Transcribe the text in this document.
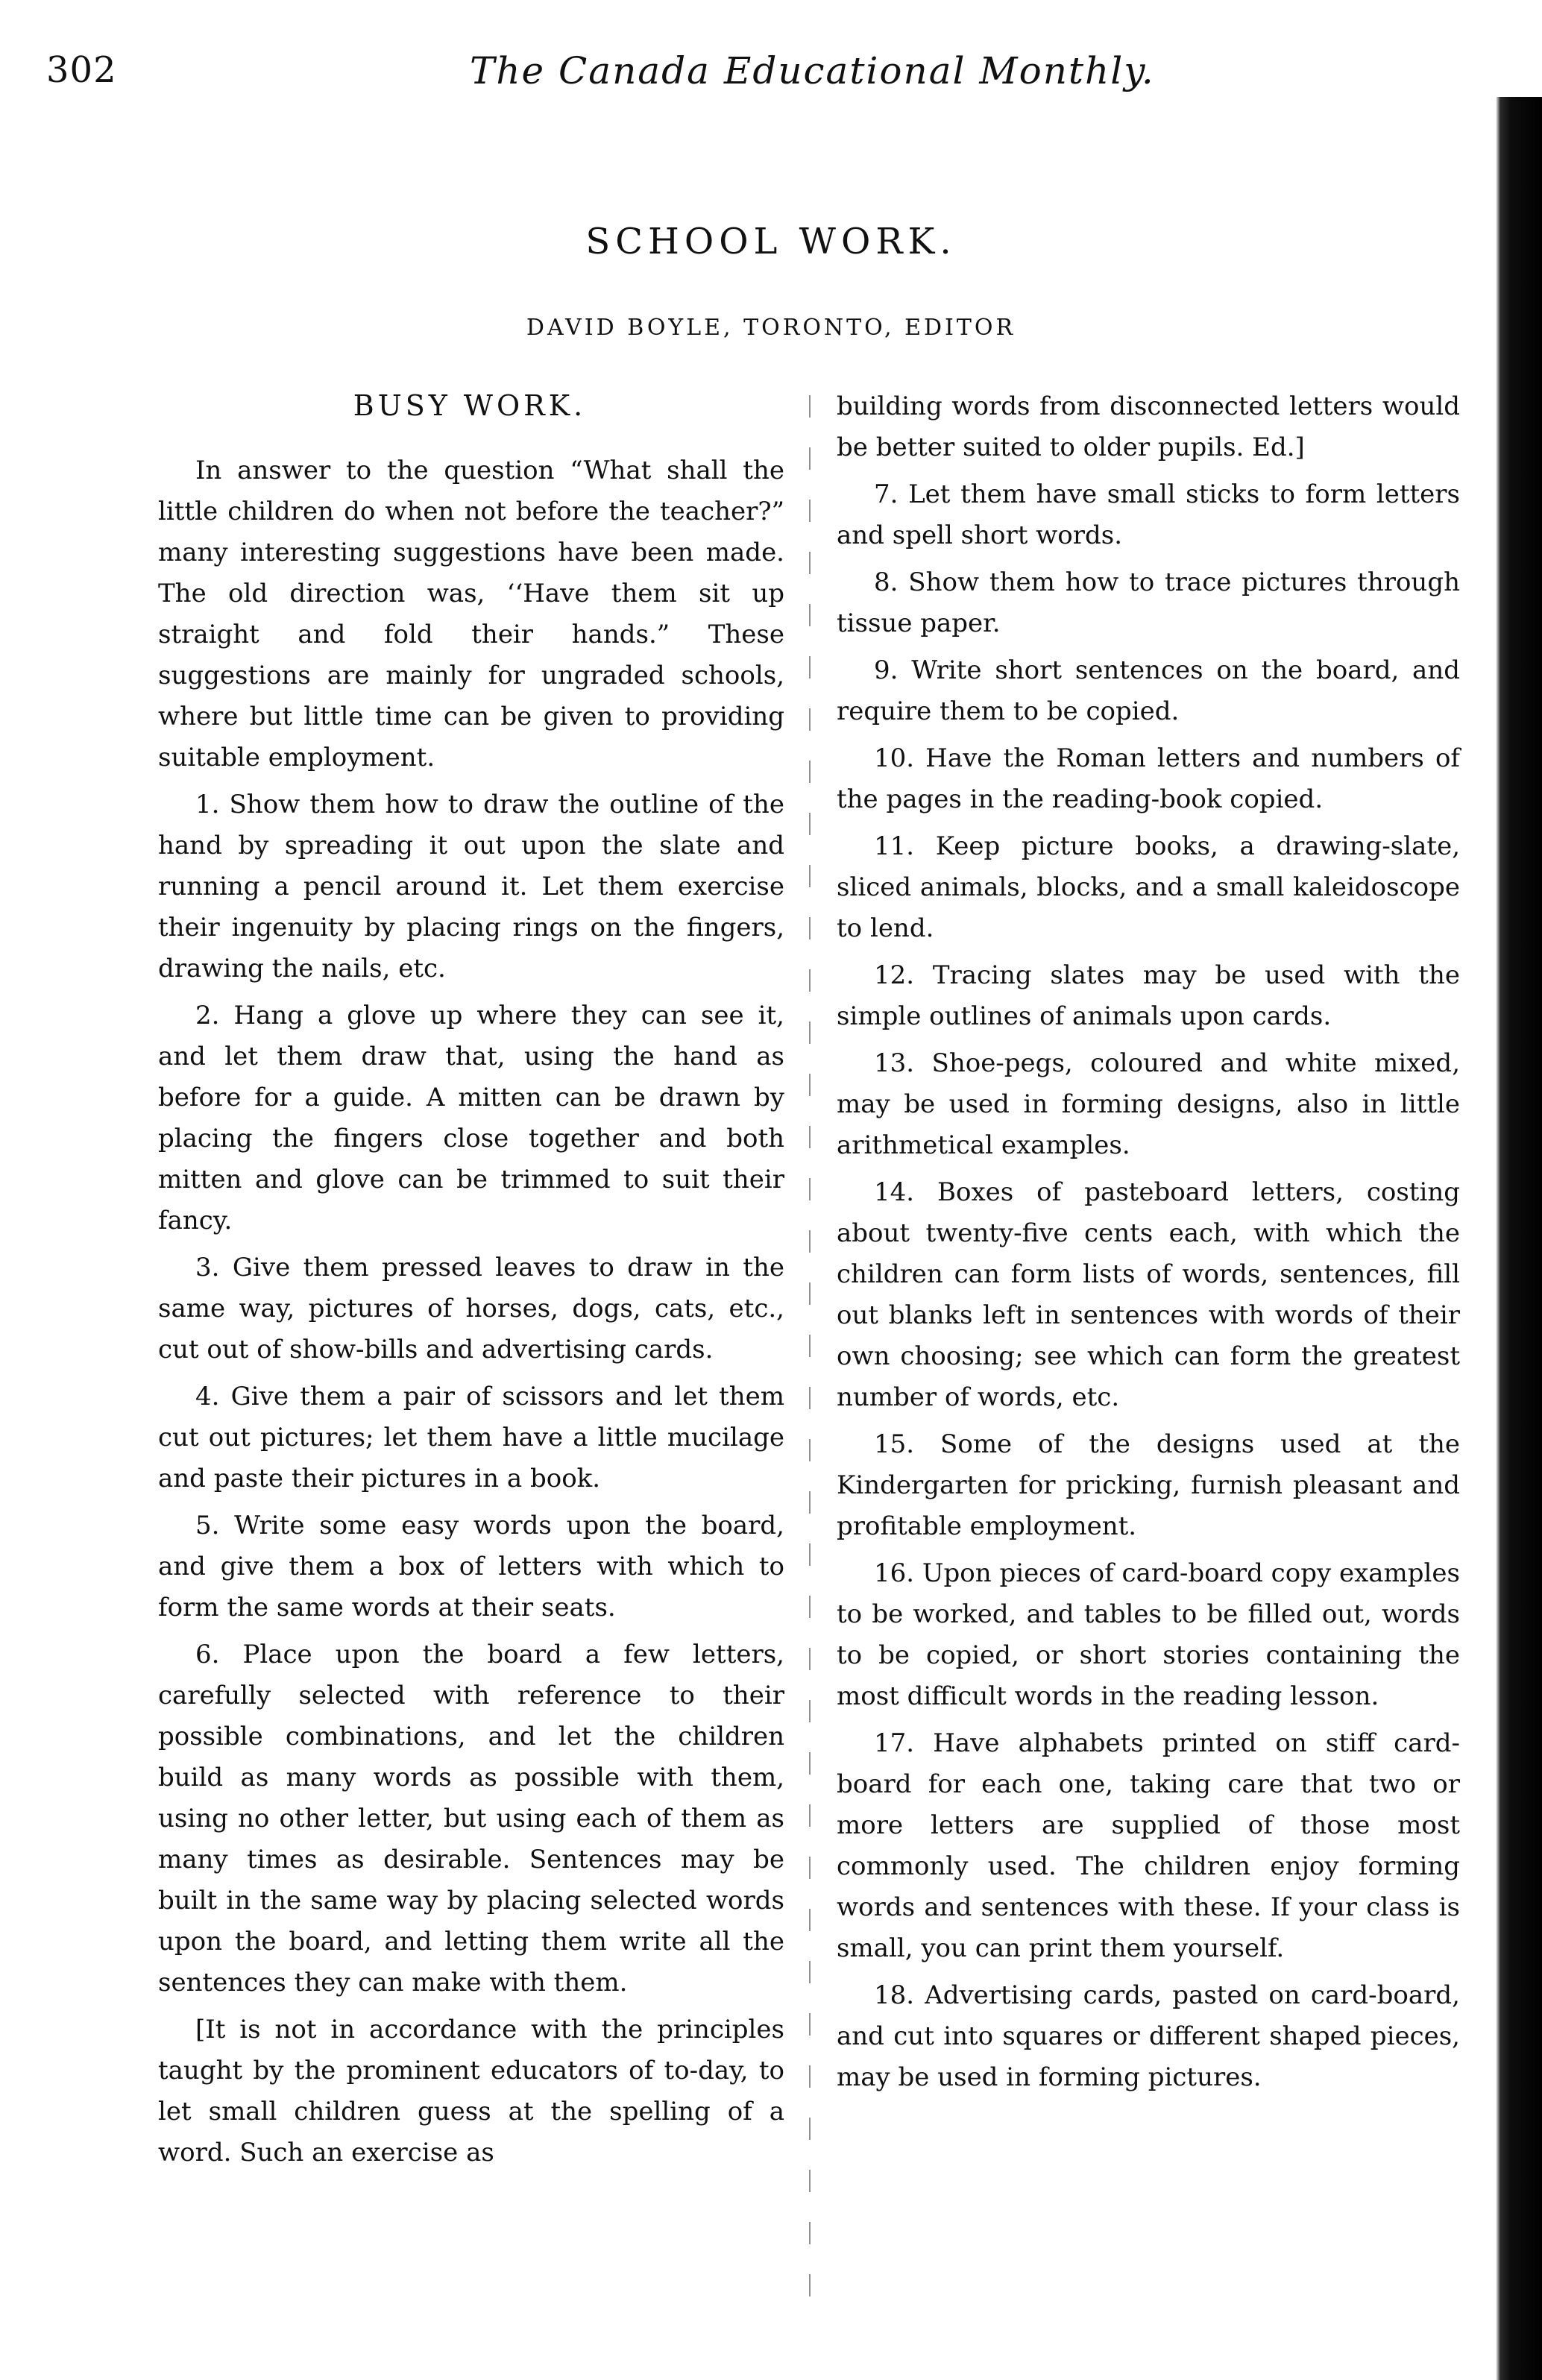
302	The Canada Educational Monthly.
SCHOOL WORK.
DAVID BOYLE, TORONTO, EDITOR
BUSY WORK.

In answer to the question “What shall the little children do when not before the teacher?” many interesting suggestions have been made. The old direction was, ‘‘Have them sit up straight and fold their hands.” These suggestions are mainly for ungraded schools, where but little time can be given to providing suitable employment.

1. Show them how to draw the outline of the hand by spreading it out upon the slate and running a pencil around it. Let them exercise their ingenuity by placing rings on the fingers, drawing the nails, etc.

2. Hang a glove up where they can see it, and let them draw that, using the hand as before for a guide. A mitten can be drawn by placing the fingers close together and both mitten and glove can be trimmed to suit their fancy.

3. Give them pressed leaves to draw in the same way, pictures of horses, dogs, cats, etc., cut out of show-bills and advertising cards.

4. Give them a pair of scissors and let them cut out pictures; let them have a little mucilage and paste their pictures in a book.

5. Write some easy words upon the board, and give them a box of letters with which to form the same words at their seats.

6. Place upon the board a few letters, carefully selected with reference to their possible combinations, and let the children build as many words as possible with them, using no other letter, but using each of them as many times as desirable. Sentences may be built in the same way by placing selected words upon the board, and letting them write all the sentences they can make with them.

[It is not in accordance with the principles taught by the prominent educators of to-day, to let small children guess at the spelling of a word. Such an exercise as

building words from disconnected letters would be better suited to older pupils. Ed.]

7. Let them have small sticks to form letters and spell short words.

8. Show them how to trace pictures through tissue paper.

9. Write short sentences on the board, and require them to be copied.

10. Have the Roman letters and numbers of the pages in the reading-book copied.

11. Keep picture books, a drawing-slate, sliced animals, blocks, and a small kaleidoscope to lend.

12. Tracing slates may be used with the simple outlines of animals upon cards.

13. Shoe-pegs, coloured and white mixed, may be used in forming designs, also in little arithmetical examples.

14. Boxes of pasteboard letters, costing about twenty-five cents each, with which the children can form lists of words, sentences, fill out blanks left in sentences with words of their own choosing; see which can form the greatest number of words, etc.

15. Some of the designs used at the Kindergarten for pricking, furnish pleasant and profitable employment.

16. Upon pieces of card-board copy examples to be worked, and tables to be filled out, words to be copied, or short stories containing the most difficult words in the reading lesson.

17. Have alphabets printed on stiff card-board for each one, taking care that two or more letters are supplied of those most commonly used. The children enjoy forming words and sentences with these. If your class is small, you can print them yourself.

18. Advertising cards, pasted on card-board, and cut into squares or different shaped pieces, may be used in forming pictures.
